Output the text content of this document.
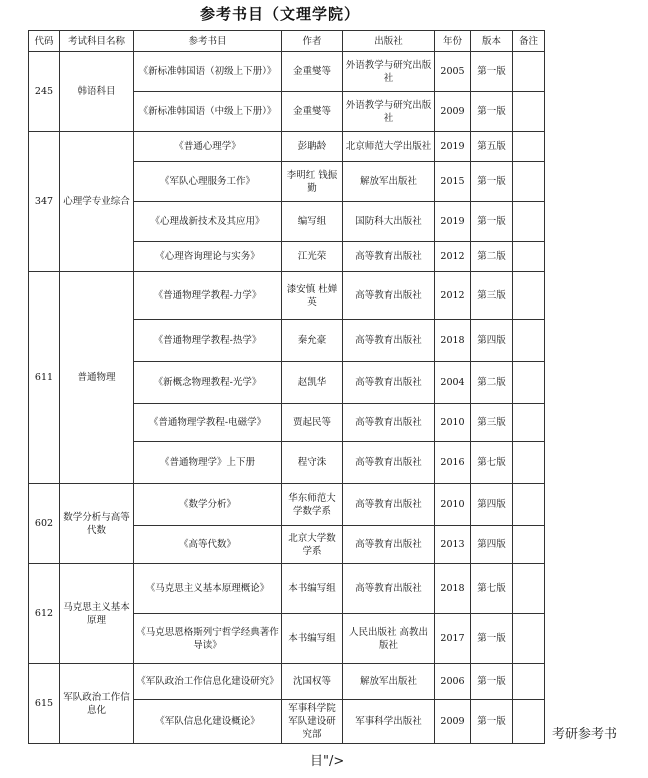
参考书目（文理学院）
代码	考试科目名称	参考书目	作者	出版社	年份	版本	备注
245	韩语科目	《新标准韩国语（初级上下册）》	金重燮等	外语教学与研究出版社	2005	第一版	
		《新标准韩国语（中级上下册）》	金重燮等	外语教学与研究出版社	2009	第一版	
347	心理学专业综合	《普通心理学》	彭聃龄	北京师范大学出版社	2019	第五版	
		《军队心理服务工作》	李明红 钱振勤	解放军出版社	2015	第一版	
		《心理战新技术及其应用》	编写组	国防科大出版社	2019	第一版	
		《心理咨询理论与实务》	江光荣	高等教育出版社	2012	第二版	
611	普通物理	《普通物理学教程-力学》	漆安慎 杜婵英	高等教育出版社	2012	第三版	
		《普通物理学教程-热学》	秦允豪	高等教育出版社	2018	第四版	
		《新概念物理教程-光学》	赵凯华	高等教育出版社	2004	第二版	
		《普通物理学教程-电磁学》	贾起民等	高等教育出版社	2010	第三版	
		《普通物理学》上下册	程守洙	高等教育出版社	2016	第七版	
602	数学分析与高等代数	《数学分析》	华东师范大学数学系	高等教育出版社	2010	第四版	
		《高等代数》	北京大学数学系	高等教育出版社	2013	第四版	
612	马克思主义基本原理	《马克思主义基本原理概论》	本书编写组	高等教育出版社	2018	第七版	
		《马克思恩格斯列宁哲学经典著作导读》	本书编写组	人民出版社 高教出版社	2017	第一版	
615	军队政治工作信息化	《军队政治工作信息化建设研究》	沈国权等	解放军出版社	2006	第一版	
		《军队信息化建设概论》	军事科学院军队建设研究部	军事科学出版社	2009	第一版	
考研参考书
目"/>
